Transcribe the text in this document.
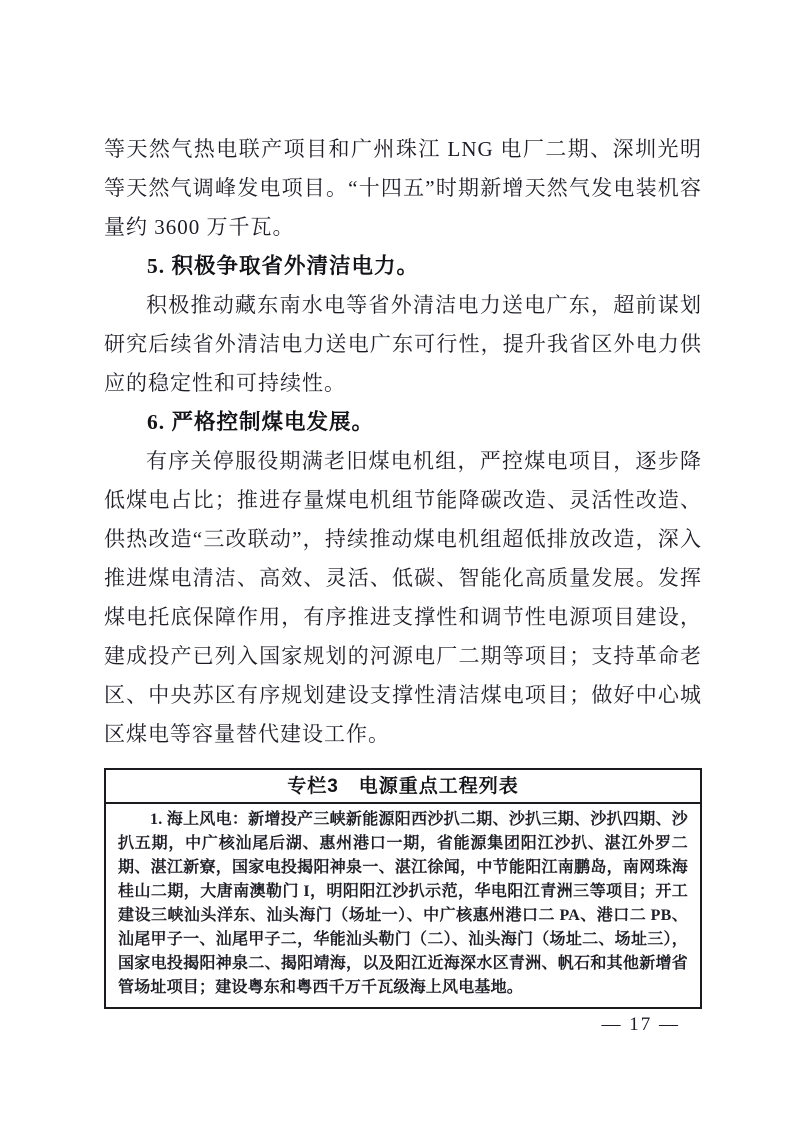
等天然气热电联产项目和广州珠江 LNG 电厂二期、深圳光明等天然气调峰发电项目。“十四五”时期新增天然气发电装机容量约 3600 万千瓦。

5. 积极争取省外清洁电力。

积极推动藏东南水电等省外清洁电力送电广东，超前谋划研究后续省外清洁电力送电广东可行性，提升我省区外电力供应的稳定性和可持续性。

6. 严格控制煤电发展。

有序关停服役期满老旧煤电机组，严控煤电项目，逐步降低煤电占比；推进存量煤电机组节能降碳改造、灵活性改造、供热改造“三改联动”，持续推动煤电机组超低排放改造，深入推进煤电清洁、高效、灵活、低碳、智能化高质量发展。发挥煤电托底保障作用，有序推进支撑性和调节性电源项目建设，建成投产已列入国家规划的河源电厂二期等项目；支持革命老区、中央苏区有序规划建设支撑性清洁煤电项目；做好中心城区煤电等容量替代建设工作。

专栏3　电源重点工程列表
1. 海上风电：新增投产三峡新能源阳西沙扒二期、沙扒三期、沙扒四期、沙扒五期，中广核汕尾后湖、惠州港口一期，省能源集团阳江沙扒、湛江外罗二期、湛江新寮，国家电投揭阳神泉一、湛江徐闻，中节能阳江南鹏岛，南网珠海桂山二期，大唐南澳勒门 I，明阳阳江沙扒示范，华电阳江青洲三等项目；开工建设三峡汕头洋东、汕头海门（场址一）、中广核惠州港口二 PA、港口二 PB、汕尾甲子一、汕尾甲子二，华能汕头勒门（二）、汕头海门（场址二、场址三），国家电投揭阳神泉二、揭阳靖海，以及阳江近海深水区青洲、帆石和其他新增省管场址项目；建设粤东和粤西千万千瓦级海上风电基地。
— 17 —
